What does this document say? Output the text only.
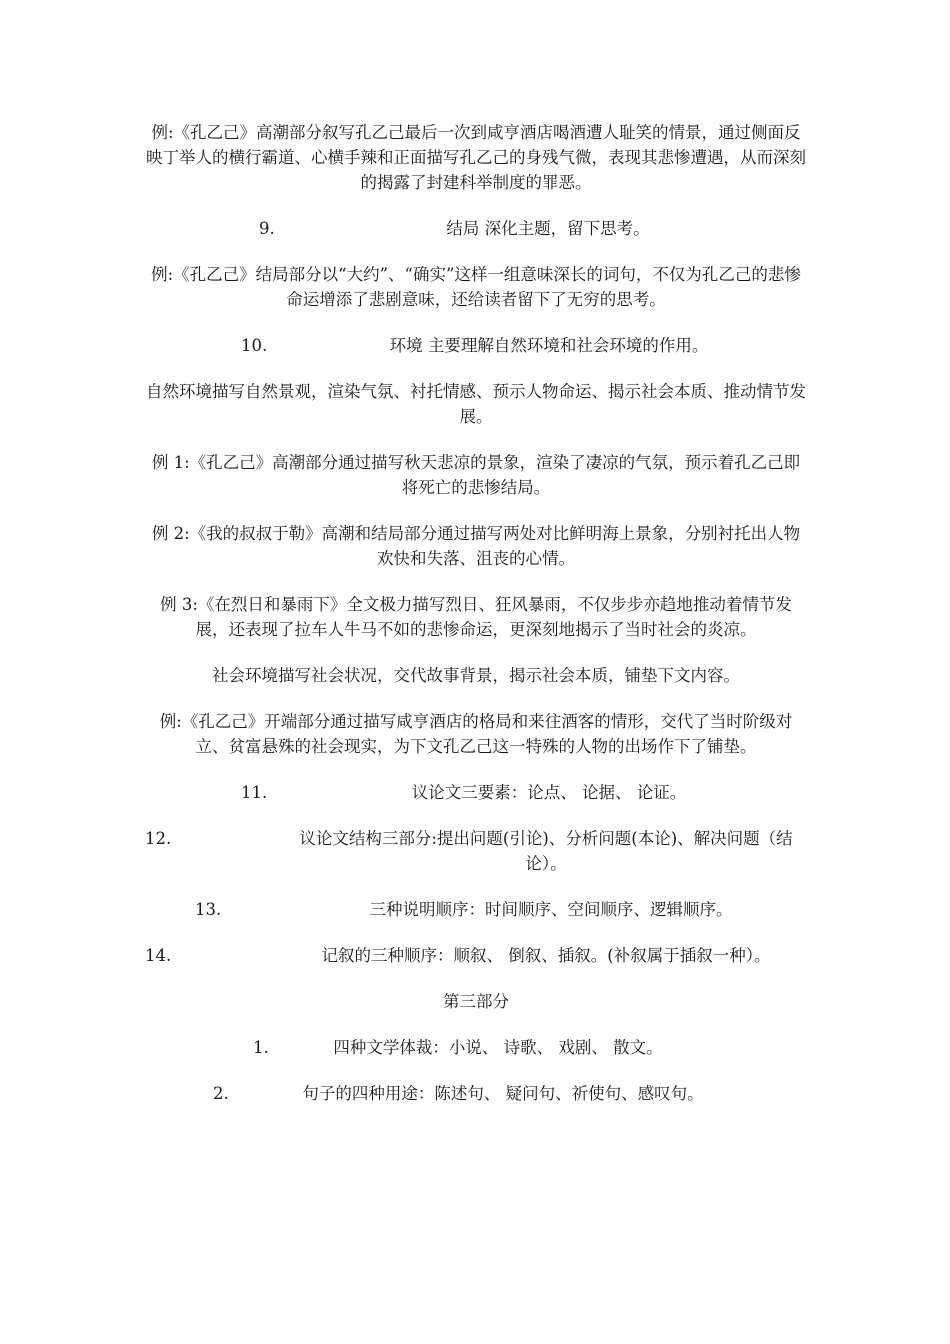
例:《孔乙己》高潮部分叙写孔乙己最后一次到咸亨酒店喝酒遭人耻笑的情景，通过侧面反映丁举人的横行霸道、心横手辣和正面描写孔乙己的身残气微，表现其悲惨遭遇，从而深刻的揭露了封建科举制度的罪恶。

9.	结局 深化主题，留下思考。

例:《孔乙己》结局部分以“大约”、“确实”这样一组意味深长的词句，不仅为孔乙己的悲惨命运增添了悲剧意味，还给读者留下了无穷的思考。

10.	环境 主要理解自然环境和社会环境的作用。

自然环境描写自然景观，渲染气氛、衬托情感、预示人物命运、揭示社会本质、推动情节发展。

例 1:《孔乙己》高潮部分通过描写秋天悲凉的景象，渲染了凄凉的气氛，预示着孔乙己即将死亡的悲惨结局。

例 2:《我的叔叔于勒》高潮和结局部分通过描写两处对比鲜明海上景象，分别衬托出人物欢快和失落、沮丧的心情。

例 3:《在烈日和暴雨下》全文极力描写烈日、狂风暴雨，不仅步步亦趋地推动着情节发展，还表现了拉车人牛马不如的悲惨命运，更深刻地揭示了当时社会的炎凉。

社会环境描写社会状况，交代故事背景，揭示社会本质，铺垫下文内容。

例:《孔乙己》开端部分通过描写咸亨酒店的格局和来往酒客的情形，交代了当时阶级对立、贫富悬殊的社会现实，为下文孔乙己这一特殊的人物的出场作下了铺垫。

11.	议论文三要素：论点、 论据、 论证。
12.	议论文结构三部分:提出问题(引论)、分析问题(本论)、解决问题（结论）。
13.	三种说明顺序：时间顺序、空间顺序、逻辑顺序。
14.	记叙的三种顺序：顺叙、 倒叙、插叙。(补叙属于插叙一种）。

第三部分

1.	四种文学体裁：小说、 诗歌、 戏剧、 散文。
2.	句子的四种用途：陈述句、 疑问句、祈使句、感叹句。
